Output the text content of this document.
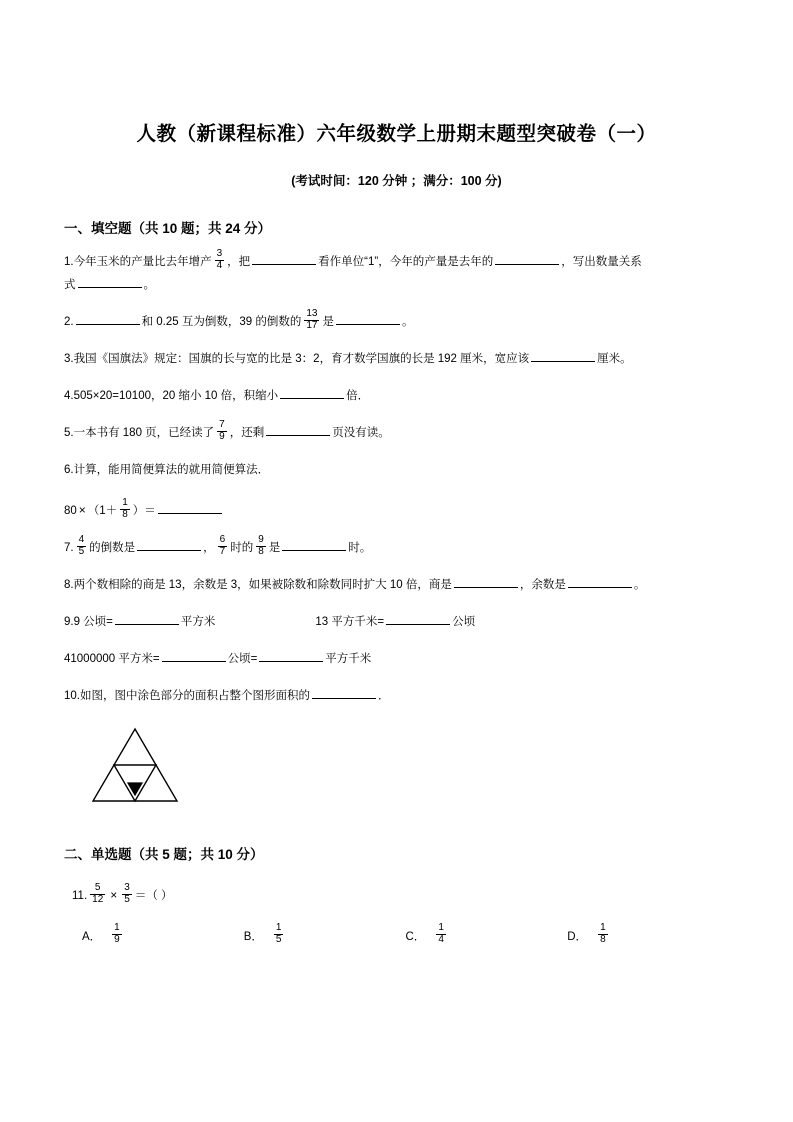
人教（新课程标准）六年级数学上册期末题型突破卷（一）
(考试时间：120 分钟 ；满分：100 分)
一、填空题（共 10 题；共 24 分）
1.今年玉米的产量比去年增产 $\frac{3}{4}$ ，把	看作单位“1”，今年的产量是去年的	，写出数量关系
式	。
2.	和 0.25 互为倒数，39 的倒数的 $\frac{13}{17}$ 是	。
3.我国《国旗法》规定：国旗的长与宽的比是 3：2，育才数学国旗的长是 192 厘米，宽应该	厘米。
4.505×20=10100，20 缩小 10 倍，积缩小	倍．
5.一本书有 180 页，已经读了 $\frac{7}{9}$ ，还剩	页没有读。
6.计算，能用简便算法的就用简便算法．
$80 \times (1+ \frac{1}{8}$ ）＝
7. $\frac{4}{5}$ 的倒数是	， $\frac{6}{7}$ 时的 $\frac{9}{8}$ 是	时。
8.两个数相除的商是 13，余数是 3，如果被除数和除数同时扩大 10 倍，商是	，余数是	。
9.9 公顷=	平方米	13 平方千米=	公顷
41000000 平方米=	公顷=	平方千米
10.如图，图中涂色部分的面积占整个图形面积的	．
二、单选题（共 5 题；共 10 分）
11. $\frac{5}{12} \times \frac{3}{5}$ ＝（ ）
A． $\frac{1}{9}$	B． $\frac{1}{5}$	C． $\frac{1}{4}$	D． $\frac{1}{8}$
